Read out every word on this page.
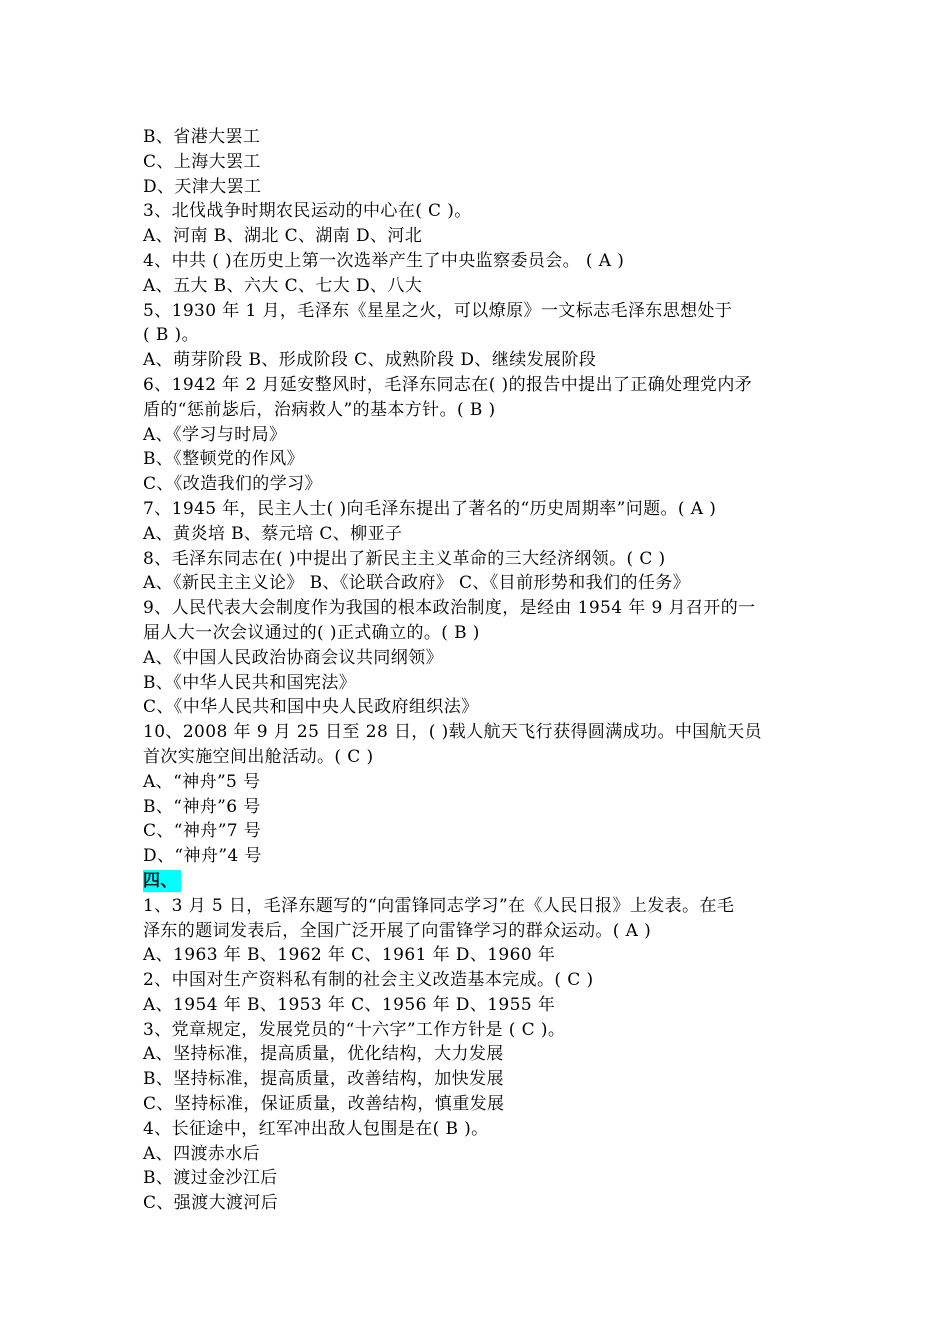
B、省港大罢工
C、上海大罢工
D、天津大罢工
3、北伐战争时期农民运动的中心在( C )。
A、河南 B、湖北 C、湖南 D、河北
4、中共 ( )在历史上第一次选举产生了中央监察委员会。 ( A )
A、五大 B、六大 C、七大 D、八大
5、1930 年 1 月，毛泽东《星星之火，可以燎原》一文标志毛泽东思想处于
( B )。
A、萌芽阶段 B、形成阶段 C、成熟阶段 D、继续发展阶段
6、1942 年 2 月延安整风时，毛泽东同志在( )的报告中提出了正确处理党内矛
盾的“惩前毖后，治病救人”的基本方针。( B )
A、《学习与时局》
B、《整顿党的作风》
C、《改造我们的学习》
7、1945 年，民主人士( )向毛泽东提出了著名的“历史周期率”问题。( A )
A、黄炎培 B、蔡元培 C、柳亚子
8、毛泽东同志在( )中提出了新民主主义革命的三大经济纲领。( C )
A、《新民主主义论》 B、《论联合政府》 C、《目前形势和我们的任务》
9、人民代表大会制度作为我国的根本政治制度，是经由 1954 年 9 月召开的一
届人大一次会议通过的( )正式确立的。( B )
A、《中国人民政治协商会议共同纲领》
B、《中华人民共和国宪法》
C、《中华人民共和国中央人民政府组织法》
10、2008 年 9 月 25 日至 28 日，( )载人航天飞行获得圆满成功。中国航天员
首次实施空间出舱活动。( C )
A、“神舟”5 号
B、“神舟”6 号
C、“神舟”7 号
D、“神舟”4 号
四、
1、3 月 5 日，毛泽东题写的“向雷锋同志学习”在《人民日报》上发表。在毛
泽东的题词发表后，全国广泛开展了向雷锋学习的群众运动。( A )
A、1963 年 B、1962 年 C、1961 年 D、1960 年
2、中国对生产资料私有制的社会主义改造基本完成。( C )
A、1954 年 B、1953 年 C、1956 年 D、1955 年
3、党章规定，发展党员的“十六字”工作方针是 ( C )。
A、坚持标准，提高质量，优化结构，大力发展
B、坚持标准，提高质量，改善结构，加快发展
C、坚持标准，保证质量，改善结构，慎重发展
4、长征途中，红军冲出敌人包围是在( B )。
A、四渡赤水后
B、渡过金沙江后
C、强渡大渡河后
